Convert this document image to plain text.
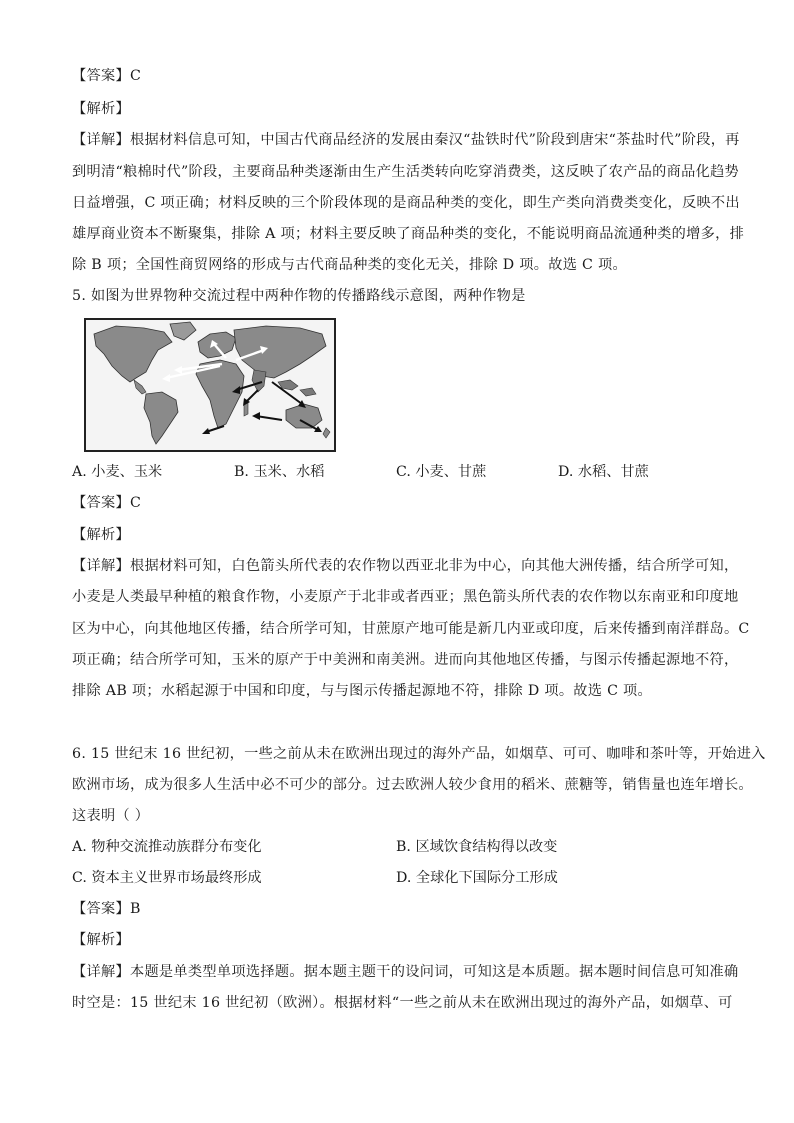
【答案】C
【解析】
【详解】根据材料信息可知，中国古代商品经济的发展由秦汉“盐铁时代”阶段到唐宋“茶盐时代”阶段，再
到明清“粮棉时代”阶段，主要商品种类逐渐由生产生活类转向吃穿消费类，这反映了农产品的商品化趋势
日益增强，C 项正确；材料反映的三个阶段体现的是商品种类的变化，即生产类向消费类变化，反映不出
雄厚商业资本不断聚集，排除 A 项；材料主要反映了商品种类的变化，不能说明商品流通种类的增多，排
除 B 项；全国性商贸网络的形成与古代商品种类的变化无关，排除 D 项。故选 C 项。
5. 如图为世界物种交流过程中两种作物的传播路线示意图，两种作物是
A. 小麦、玉米	B. 玉米、水稻	C. 小麦、甘蔗	D. 水稻、甘蔗
【答案】C
【解析】
【详解】根据材料可知，白色箭头所代表的农作物以西亚北非为中心，向其他大洲传播，结合所学可知，
小麦是人类最早种植的粮食作物，小麦原产于北非或者西亚；黑色箭头所代表的农作物以东南亚和印度地
区为中心，向其他地区传播，结合所学可知，甘蔗原产地可能是新几内亚或印度，后来传播到南洋群岛。C
项正确；结合所学可知，玉米的原产于中美洲和南美洲。进而向其他地区传播，与图示传播起源地不符，
排除 AB 项；水稻起源于中国和印度，与与图示传播起源地不符，排除 D 项。故选 C 项。
6. 15 世纪末 16 世纪初，一些之前从未在欧洲出现过的海外产品，如烟草、可可、咖啡和茶叶等，开始进入
欧洲市场，成为很多人生活中必不可少的部分。过去欧洲人较少食用的稻米、蔗糖等，销售量也连年增长。
这表明（ ）
A. 物种交流推动族群分布变化	B. 区域饮食结构得以改变
C. 资本主义世界市场最终形成	D. 全球化下国际分工形成
【答案】B
【解析】
【详解】本题是单类型单项选择题。据本题主题干的设问词，可知这是本质题。据本题时间信息可知准确
时空是：15 世纪末 16 世纪初（欧洲）。根据材料“一些之前从未在欧洲出现过的海外产品，如烟草、可
